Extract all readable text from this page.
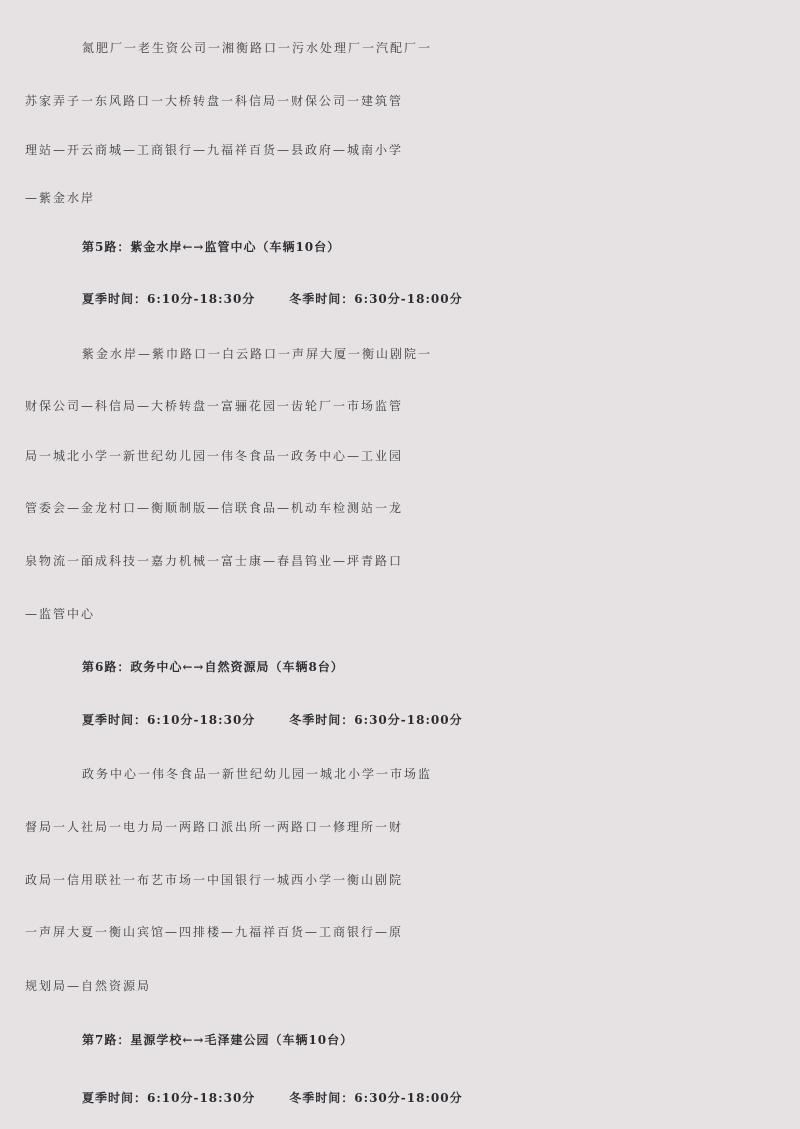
氮肥厂一老生资公司一湘衡路口一污水处理厂一汽配厂一
苏家弄子一东风路口一大桥转盘一科信局一财保公司一建筑管
理站—开云商城—工商银行—九福祥百货—县政府—城南小学
—紫金水岸
第5路：紫金水岸←→监管中心（车辆10台）
夏季时间：6:10分-18:30分	冬季时间：6:30分-18:00分
紫金水岸—紫巾路口一白云路口一声屏大厦一衡山剧院一
财保公司—科信局—大桥转盘一富骊花园一齿轮厂一市场监管
局一城北小学一新世纪幼儿园一伟冬食品一政务中心—工业园
管委会—金龙村口—衡顺制版—信联食品—机动车检测站一龙
泉物流一皕成科技一嘉力机械一富士康—春昌钨业—坪青路口
—监管中心
第6路：政务中心←→自然资源局（车辆8台）
夏季时间：6:10分-18:30分	冬季时间：6:30分-18:00分
政务中心一伟冬食品一新世纪幼儿园一城北小学一市场监
督局一人社局一电力局一两路口派出所一两路口一修理所一财
政局一信用联社一布艺市场一中国银行一城西小学一衡山剧院
一声屏大夏一衡山宾馆—四排楼—九福祥百货—工商银行—原
规划局—自然资源局
第7路：星源学校←→毛泽建公园（车辆10台）
夏季时间：6:10分-18:30分	冬季时间：6:30分-18:00分
